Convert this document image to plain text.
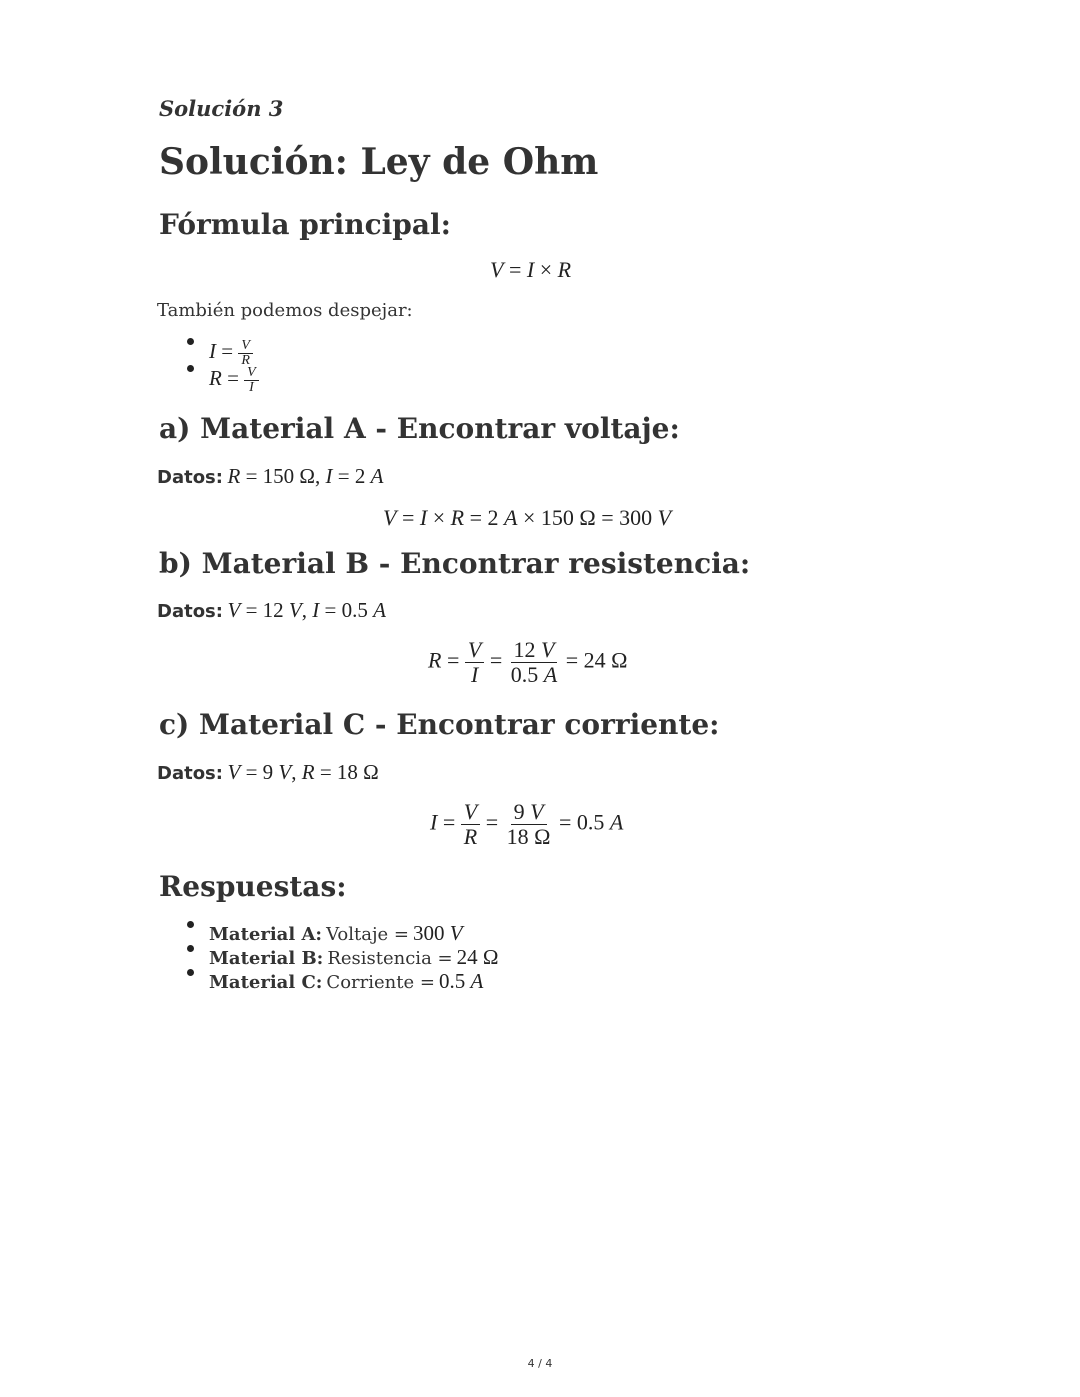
Solución 3
Solución: Ley de Ohm
Fórmula principal:
V = I × R
También podemos despejar:
$I = \frac{V}{R}$
$R = \frac{V}{I}$
a) Material A - Encontrar voltaje:
Datos: R = 150 Ω, I = 2 A
V = I × R = 2 A × 150 Ω = 300 V
b) Material B - Encontrar resistencia:
Datos: V = 12 V, I = 0.5 A
$R = \frac{V}{I} = \frac{12 V}{0.5 A} = 24$ Ω
c) Material C - Encontrar corriente:
Datos: V = 9 V, R = 18 Ω
$I = \frac{V}{R} = \frac{9 V}{18 \Omega} = 0.5$ A
Respuestas:
Material A: Voltaje = 300 V
Material B: Resistencia = 24 Ω
Material C: Corriente = 0.5 A
4 / 4
